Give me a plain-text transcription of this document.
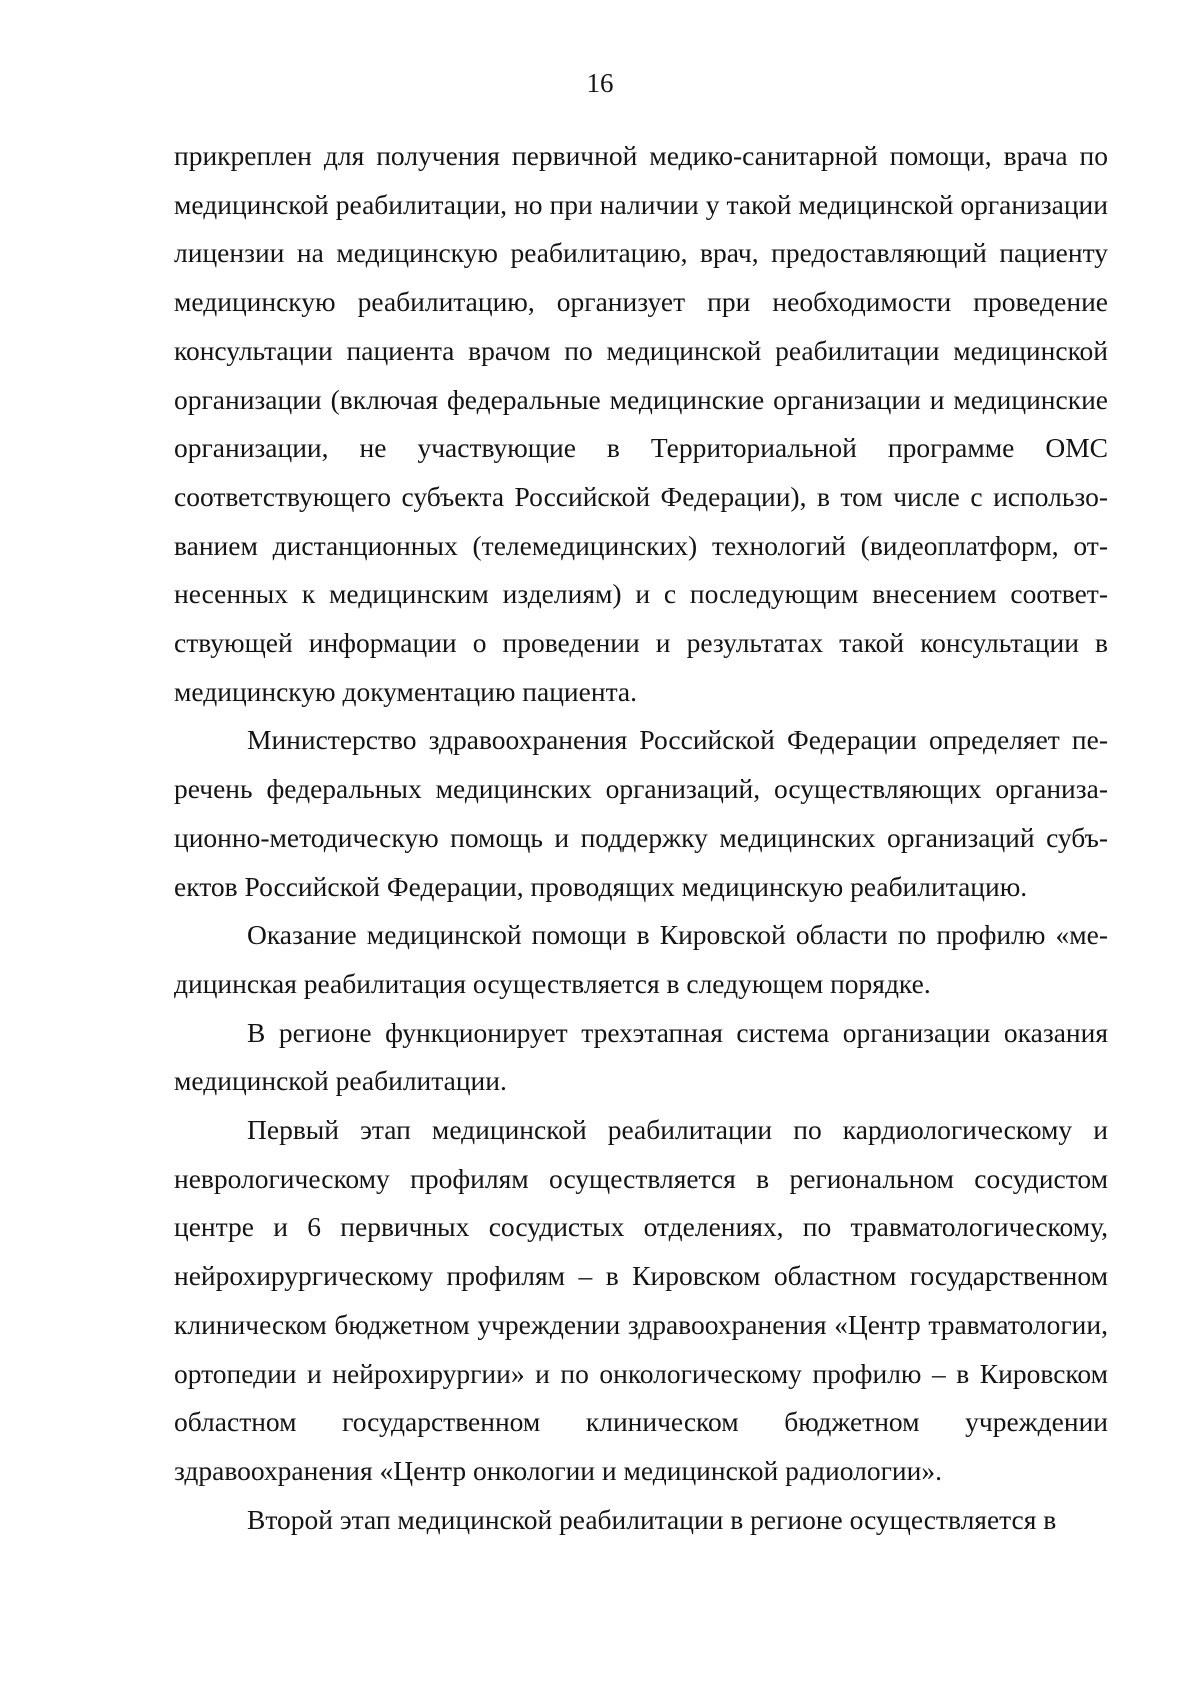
16

прикреплен для получения первичной медико-санитарной помощи, врача по медицинской реабилитации, но при наличии у такой медицинской организации лицензии на медицинскую реабилитацию, врач, предоставляющий пациенту медицинскую реабилитацию, организует при необходимости проведение консультации пациента врачом по медицинской реабилитации медицинской организации (включая федеральные медицинские организации и медицинские организации, не участвующие в Территориальной программе ОМС соответствующего субъекта Российской Федерации), в том числе с использованием дистанционных (телемедицинских) технологий (видеоплатформ, отнесенных к медицинским изделиям) и с последующим внесением соответствующей информации о проведении и результатах такой консультации в медицинскую документацию пациента.

Министерство здравоохранения Российской Федерации определяет перечень федеральных медицинских организаций, осуществляющих организационно-методическую помощь и поддержку медицинских организаций субъектов Российской Федерации, проводящих медицинскую реабилитацию.

Оказание медицинской помощи в Кировской области по профилю «медицинская реабилитация осуществляется в следующем порядке.

В регионе функционирует трехэтапная система организации оказания медицинской реабилитации.

Первый этап медицинской реабилитации по кардиологическому и неврологическому профилям осуществляется в региональном сосудистом центре и 6 первичных сосудистых отделениях, по травматологическому, нейрохирургическому профилям – в Кировском областном государственном клиническом бюджетном учреждении здравоохранения «Центр травматологии, ортопедии и нейрохирургии» и по онкологическому профилю – в Кировском областном государственном клиническом бюджетном учреждении здравоохранения «Центр онкологии и медицинской радиологии».

Второй этап медицинской реабилитации в регионе осуществляется в
